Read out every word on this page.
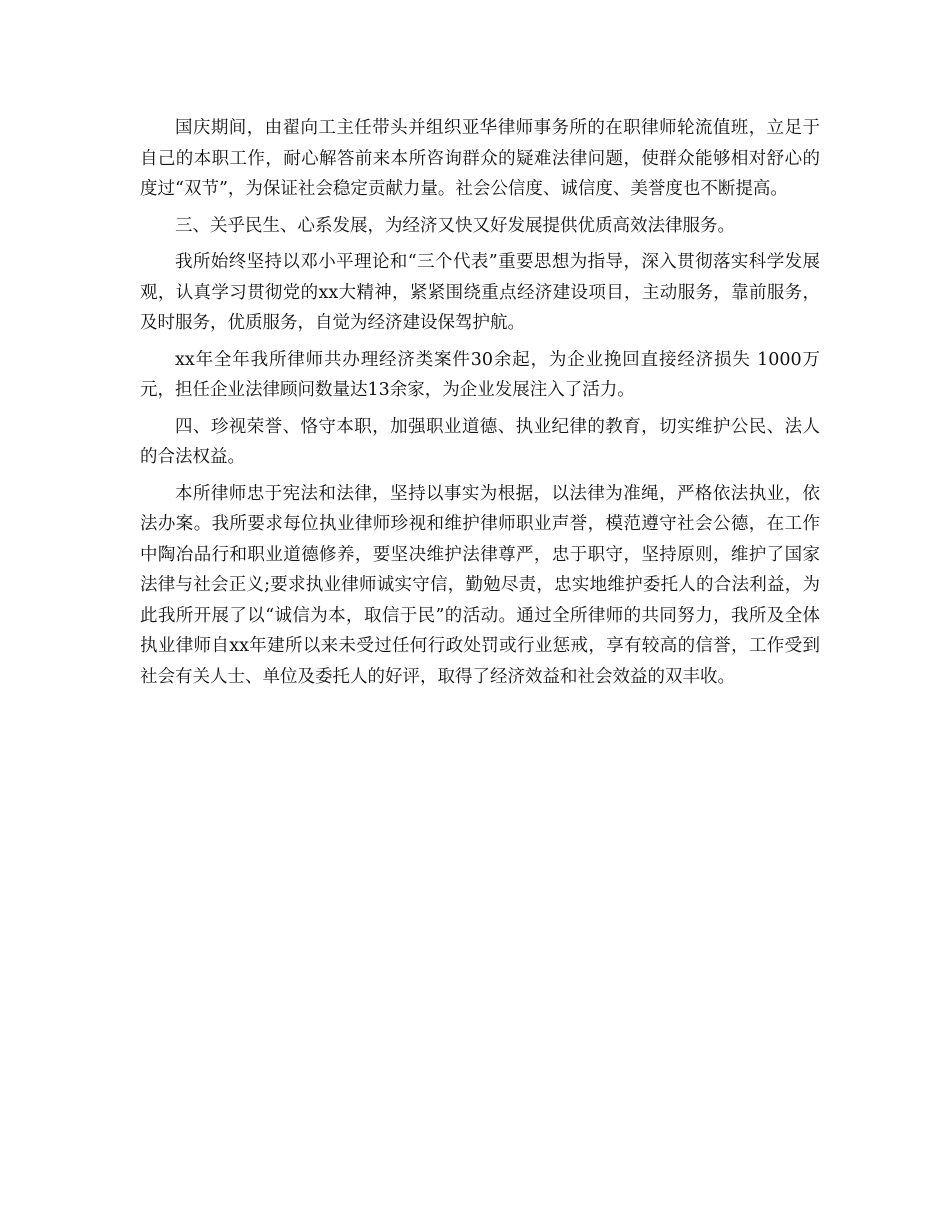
国庆期间，由翟向工主任带头并组织亚华律师事务所的在职律师轮流值班，立足于自己的本职工作，耐心解答前来本所咨询群众的疑难法律问题，使群众能够相对舒心的度过“双节”，为保证社会稳定贡献力量。社会公信度、诚信度、美誉度也不断提高。

三、关乎民生、心系发展，为经济又快又好发展提供优质高效法律服务。

我所始终坚持以邓小平理论和“三个代表”重要思想为指导，深入贯彻落实科学发展观，认真学习贯彻党的xx大精神，紧紧围绕重点经济建设项目，主动服务，靠前服务，及时服务，优质服务，自觉为经济建设保驾护航。

xx年全年我所律师共办理经济类案件30余起，为企业挽回直接经济损失 1000万元，担任企业法律顾问数量达13余家，为企业发展注入了活力。

四、珍视荣誉、恪守本职，加强职业道德、执业纪律的教育，切实维护公民、法人的合法权益。

本所律师忠于宪法和法律，坚持以事实为根据，以法律为准绳，严格依法执业，依法办案。我所要求每位执业律师珍视和维护律师职业声誉，模范遵守社会公德，在工作中陶冶品行和职业道德修养，要坚决维护法律尊严，忠于职守，坚持原则，维护了国家法律与社会正义;要求执业律师诚实守信，勤勉尽责，忠实地维护委托人的合法利益，为此我所开展了以“诚信为本，取信于民”的活动。通过全所律师的共同努力，我所及全体执业律师自xx年建所以来未受过任何行政处罚或行业惩戒，享有较高的信誉，工作受到社会有关人士、单位及委托人的好评，取得了经济效益和社会效益的双丰收。
